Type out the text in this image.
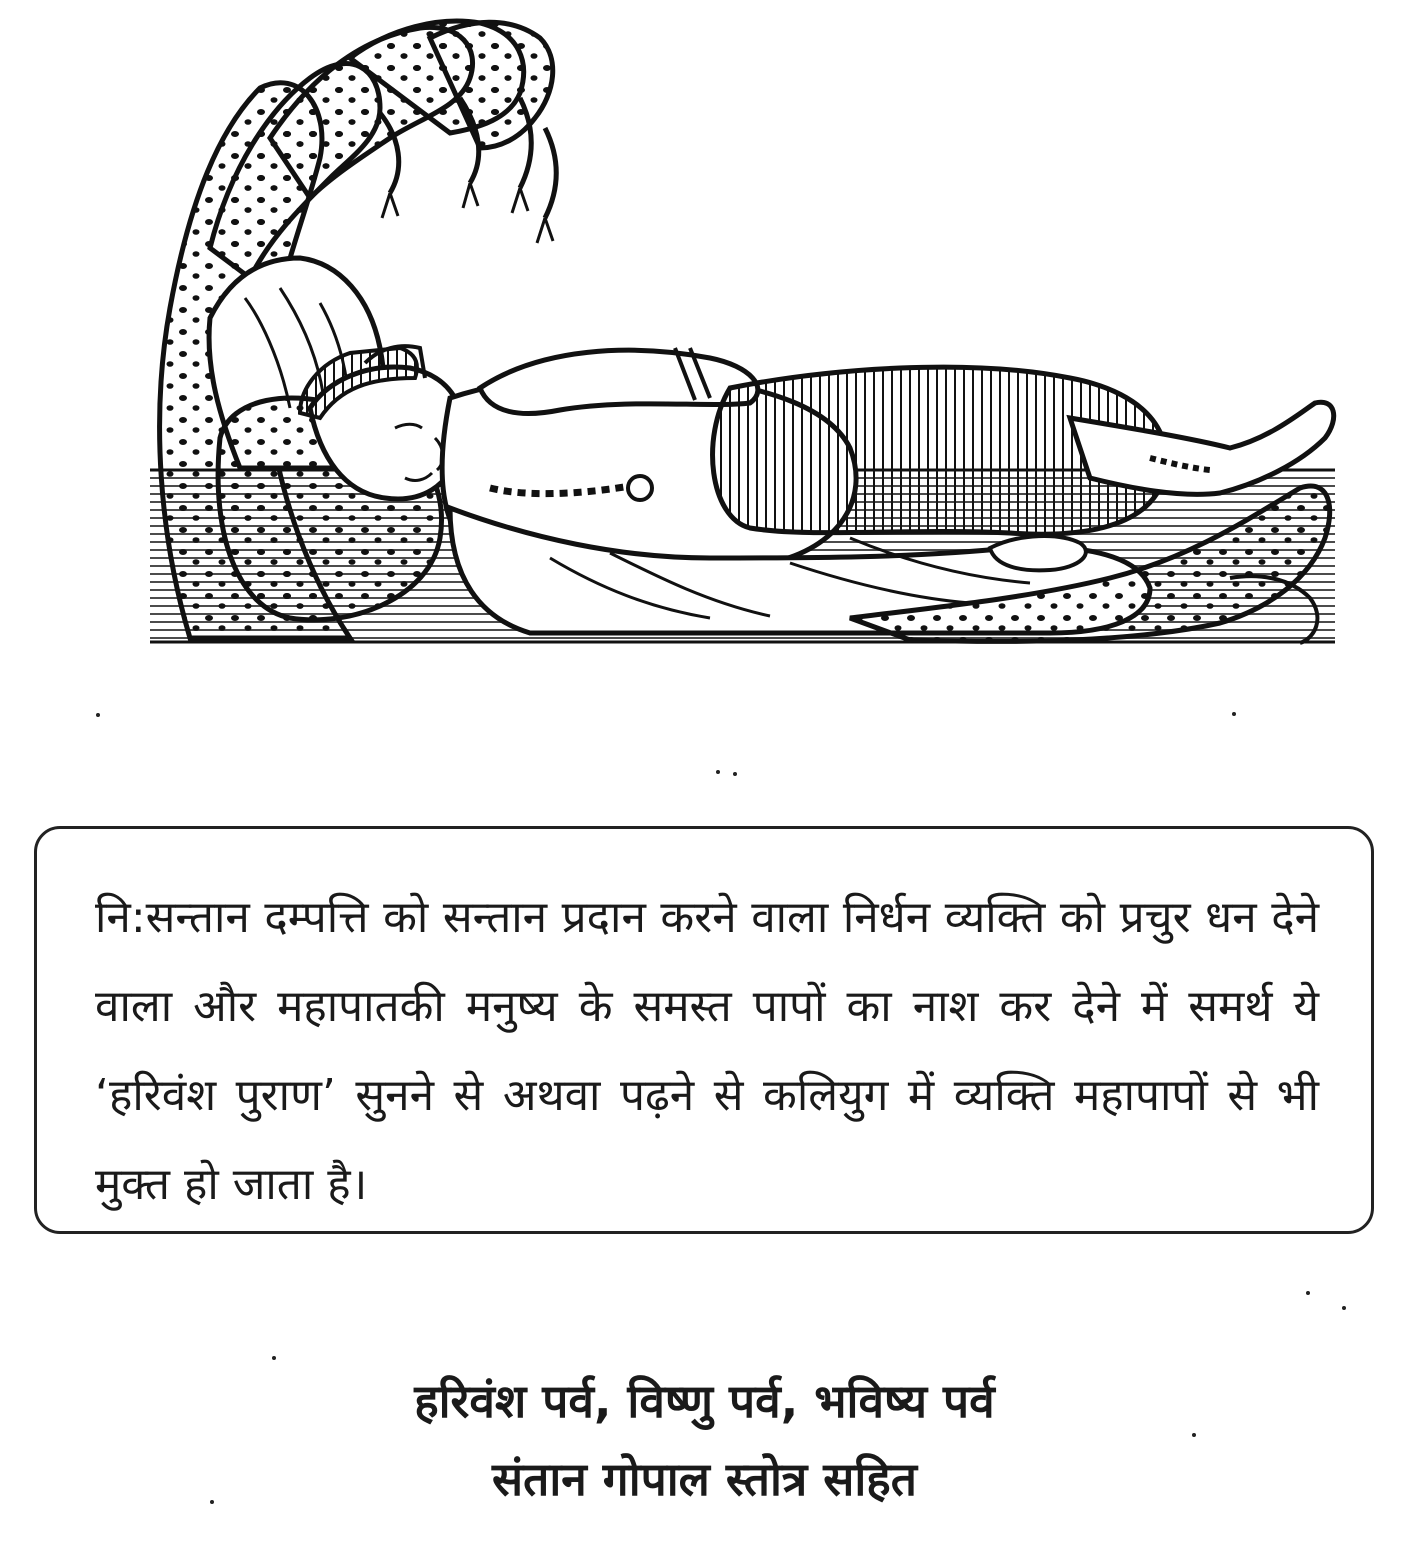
नि:सन्तान दम्पत्ति को सन्तान प्रदान करने वाला निर्धन व्यक्ति को प्रचुर धन देने वाला और महापातकी मनुष्य के समस्त पापों का नाश कर देने में समर्थ ये ‘हरिवंश पुराण’ सुनने से अथवा पढ़ने से कलियुग में व्यक्ति महापापों से भी मुक्त हो जाता है।

हरिवंश पर्व, विष्णु पर्व, भविष्य पर्व
संतान गोपाल स्तोत्र सहित
